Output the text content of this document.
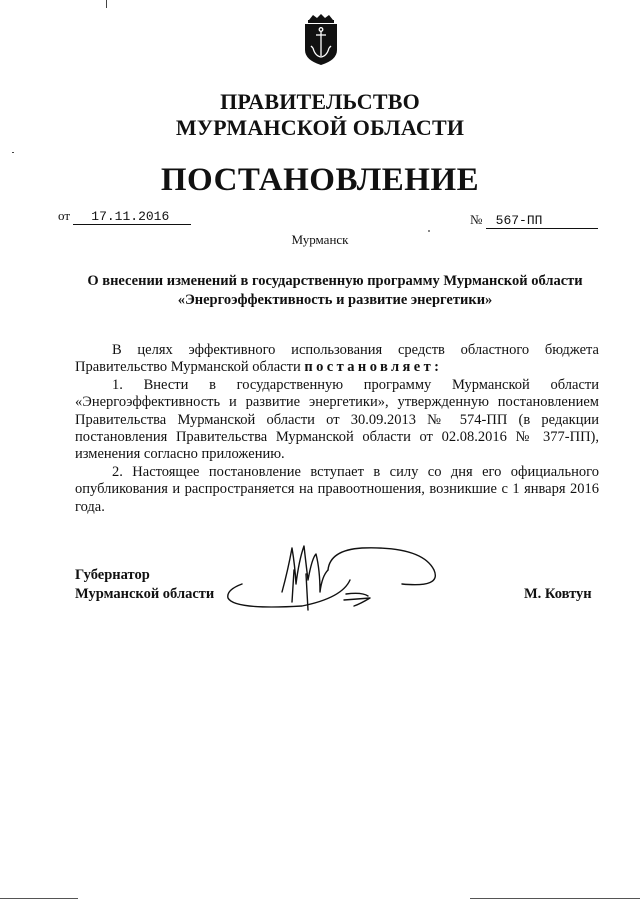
ПРАВИТЕЛЬСТВО
МУРМАНСКОЙ ОБЛАСТИ
ПОСТАНОВЛЕНИЕ
от 17.11.2016	№ 567-ПП
Мурманск
О внесении изменений в государственную программу Мурманской области
«Энергоэффективность и развитие энергетики»

В целях эффективного использования средств областного бюджета Правительство Мурманской области постановляет:

1. Внести в государственную программу Мурманской области «Энергоэффективность и развитие энергетики», утвержденную постановлением Правительства Мурманской области от 30.09.2013 № 574-ПП (в редакции постановления Правительства Мурманской области от 02.08.2016 № 377-ПП), изменения согласно приложению.

2. Настоящее постановление вступает в силу со дня его официального опубликования и распространяется на правоотношения, возникшие с 1 января 2016 года.

Губернатор
Мурманской области	М. Ковтун
